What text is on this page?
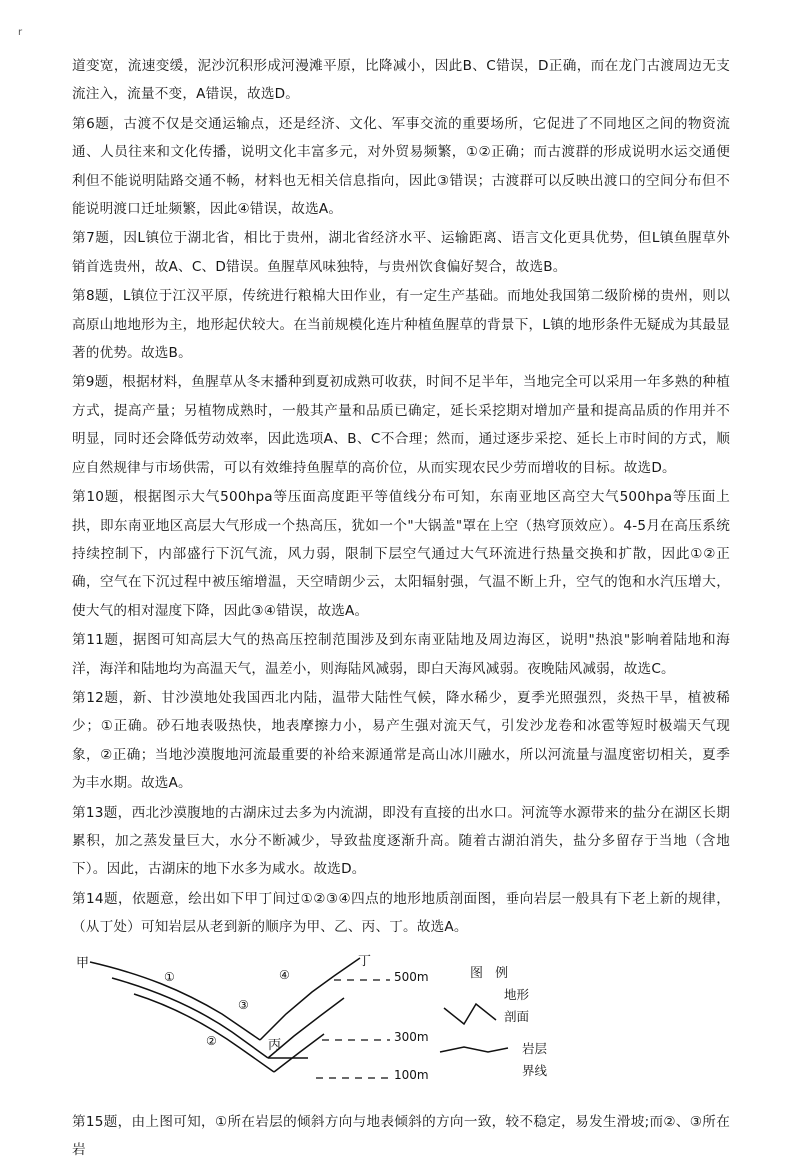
r

道变宽，流速变缓，泥沙沉积形成河漫滩平原，比降减小，因此B、C错误，D正确，而在龙门古渡周边无支流注入，流量不变，A错误，故选D。

第6题，古渡不仅是交通运输点，还是经济、文化、军事交流的重要场所，它促进了不同地区之间的物资流通、人员往来和文化传播，说明文化丰富多元，对外贸易频繁，①②正确；而古渡群的形成说明水运交通便利但不能说明陆路交通不畅，材料也无相关信息指向，因此③错误；古渡群可以反映出渡口的空间分布但不能说明渡口迁址频繁，因此④错误，故选A。

第7题，因L镇位于湖北省，相比于贵州，湖北省经济水平、运输距离、语言文化更具优势，但L镇鱼腥草外销首选贵州，故A、C、D错误。鱼腥草风味独特，与贵州饮食偏好契合，故选B。

第8题，L镇位于江汉平原，传统进行粮棉大田作业，有一定生产基础。而地处我国第二级阶梯的贵州，则以高原山地地形为主，地形起伏较大。在当前规模化连片种植鱼腥草的背景下，L镇的地形条件无疑成为其最显著的优势。故选B。

第9题，根据材料，鱼腥草从冬末播种到夏初成熟可收获，时间不足半年，当地完全可以采用一年多熟的种植方式，提高产量；另植物成熟时，一般其产量和品质已确定，延长采挖期对增加产量和提高品质的作用并不明显，同时还会降低劳动效率，因此选项A、B、C不合理；然而，通过逐步采挖、延长上市时间的方式，顺应自然规律与市场供需，可以有效维持鱼腥草的高价位，从而实现农民少劳而增收的目标。故选D。

第10题，根据图示大气500hpa等压面高度距平等值线分布可知，东南亚地区高空大气500hpa等压面上拱，即东南亚地区高层大气形成一个热高压，犹如一个"大锅盖"罩在上空（热穹顶效应）。4-5月在高压系统持续控制下，内部盛行下沉气流，风力弱，限制下层空气通过大气环流进行热量交换和扩散，因此①②正确，空气在下沉过程中被压缩增温，天空晴朗少云，太阳辐射强，气温不断上升，空气的饱和水汽压增大，使大气的相对湿度下降，因此③④错误，故选A。

第11题，据图可知高层大气的热高压控制范围涉及到东南亚陆地及周边海区，说明"热浪"影响着陆地和海洋，海洋和陆地均为高温天气，温差小，则海陆风减弱，即白天海风减弱。夜晚陆风减弱，故选C。

第12题，新、甘沙漠地处我国西北内陆，温带大陆性气候，降水稀少，夏季光照强烈，炎热干旱，植被稀少；①正确。砂石地表吸热快，地表摩擦力小，易产生强对流天气，引发沙龙卷和冰雹等短时极端天气现象，②正确；当地沙漠腹地河流最重要的补给来源通常是高山冰川融水，所以河流量与温度密切相关，夏季为丰水期。故选A。

第13题，西北沙漠腹地的古湖床过去多为内流湖，即没有直接的出水口。河流等水源带来的盐分在湖区长期累积，加之蒸发量巨大，水分不断减少，导致盐度逐渐升高。随着古湖泊消失，盐分多留存于当地（含地下）。因此，古湖床的地下水多为咸水。故选D。

第14题，依题意，绘出如下甲丁间过①②③④四点的地形地质剖面图，垂向岩层一般具有下老上新的规律，（从丁处）可知岩层从老到新的顺序为甲、乙、丙、丁。故选A。

甲	丁
丙
①
②
③
④	500m
300m
100m
图 例
地形
剖面
岩层
界线

第15题，由上图可知，①所在岩层的倾斜方向与地表倾斜的方向一致，较不稳定，易发生滑坡;而②、③所在岩
